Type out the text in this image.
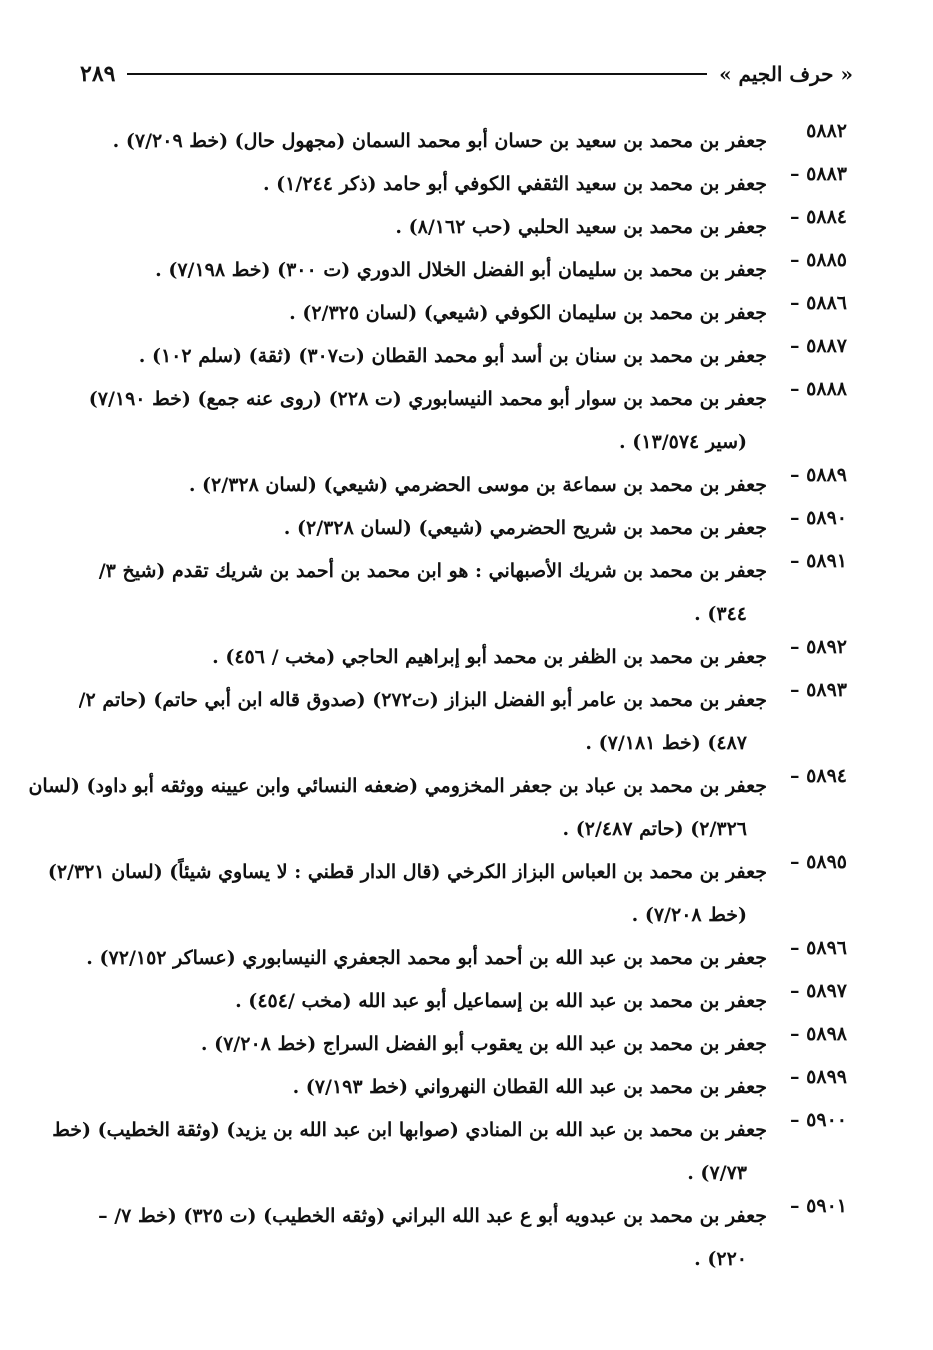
« حرف الجيم »
٢٨٩
٥٨٨٢
جعفر بن محمد بن سعيد بن حسان أبو محمد السمان (مجهول حال) (خط ٧/٢٠٩) .
٥٨٨٣ –
جعفر بن محمد بن سعيد الثقفي الكوفي أبو حامد (ذكر ١/٢٤٤) .
٥٨٨٤ –
جعفر بن محمد بن سعيد الحلبي (حب ٨/١٦٢) .
٥٨٨٥ –
جعفر بن محمد بن سليمان أبو الفضل الخلال الدوري (ت ٣٠٠) (خط ٧/١٩٨) .
٥٨٨٦ –
جعفر بن محمد بن سليمان الكوفي (شيعي) (لسان ٢/٣٢٥) .
٥٨٨٧ –
جعفر بن محمد بن سنان بن أسد أبو محمد القطان (ت٣٠٧) (ثقة) (سلم ١٠٢) .
٥٨٨٨ –
جعفر بن محمد بن سوار أبو محمد النيسابوري (ت ٢٢٨) (روى عنه جمع) (خط ٧/١٩٠)
(سير ١٣/٥٧٤) .
٥٨٨٩ –
جعفر بن محمد بن سماعة بن موسى الحضرمي (شيعي) (لسان ٢/٣٢٨) .
٥٨٩٠ –
جعفر بن محمد بن شريح الحضرمي (شيعي) (لسان ٢/٣٢٨) .
٥٨٩١ –
جعفر بن محمد بن شريك الأصبهاني : هو ابن محمد بن أحمد بن شريك تقدم (شيخ ٣/
٣٤٤) .
٥٨٩٢ –
جعفر بن محمد بن الظفر بن محمد أبو إبراهيم الحاجي (مخب / ٤٥٦) .
٥٨٩٣ –
جعفر بن محمد بن عامر أبو الفضل البزاز (ت٢٧٢) (صدوق قاله ابن أبي حاتم) (حاتم ٢/
٤٨٧) (خط ٧/١٨١) .
٥٨٩٤ –
جعفر بن محمد بن عباد بن جعفر المخزومي (ضعفه النسائي وابن عيينه ووثقه أبو داود) (لسان
٢/٣٢٦) (حاتم ٢/٤٨٧) .
٥٨٩٥ –
جعفر بن محمد بن العباس البزاز الكرخي (قال الدار قطني : لا يساوي شيئاً) (لسان ٢/٣٢١)
(خط ٧/٢٠٨) .
٥٨٩٦ –
جعفر بن محمد بن عبد الله بن أحمد أبو محمد الجعفري النيسابوري (عساكر ٧٢/١٥٢) .
٥٨٩٧ –
جعفر بن محمد بن عبد الله بن إسماعيل أبو عبد الله (مخب /٤٥٤) .
٥٨٩٨ –
جعفر بن محمد بن عبد الله بن يعقوب أبو الفضل السراج (خط ٧/٢٠٨) .
٥٨٩٩ –
جعفر بن محمد بن عبد الله القطان النهرواني (خط ٧/١٩٣) .
٥٩٠٠ –
جعفر بن محمد بن عبد الله بن المنادي (صوابها ابن عبد الله بن يزيد) (وثقة الخطيب) (خط
٧/٧٣) .
٥٩٠١ –
جعفر بن محمد بن عبدويه أبو ع عبد الله البراني (وثقه الخطيب) (ت ٣٢٥) (خط ٧/ –
٢٢٠) .
